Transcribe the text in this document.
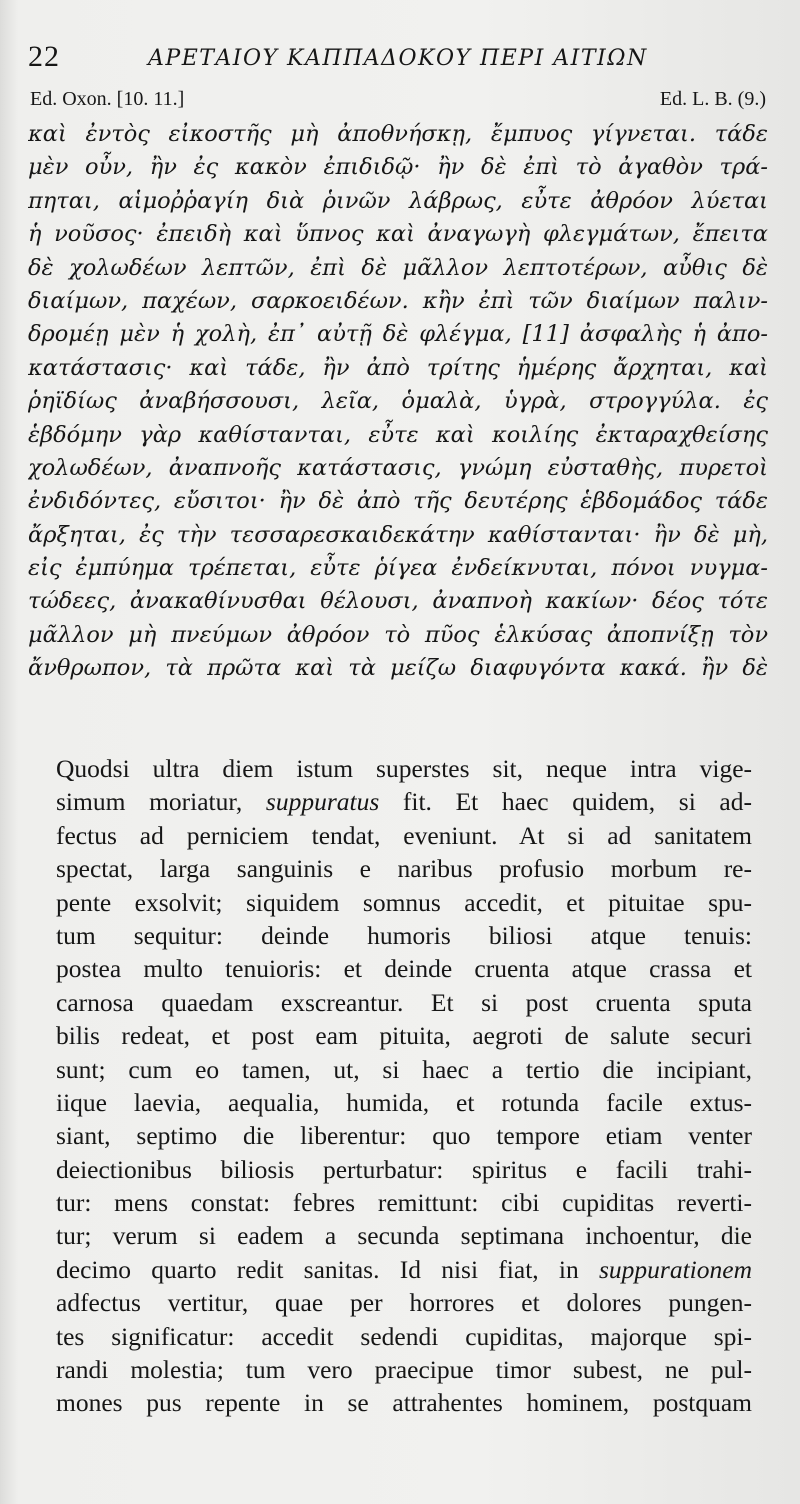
22	ΑΡΕΤΑΙΟΥ ΚΑΠΠΑΔΟΚΟΥ ΠΕΡΙ ΑΙΤΙΩΝ
Ed. Oxon. [10. 11.]	Ed. L. B. (9.)
καὶ ἐντὸς εἰκοστῆς μὴ ἀποθνήσκῃ, ἔμπυος γίγνεται. τάδε
μὲν οὖν, ἢν ἐς κακὸν ἐπιδιδῷ· ἢν δὲ ἐπὶ τὸ ἀγαθὸν τρά-
πηται, αἱμοῤῥαγίη διὰ ῥινῶν λάβρως, εὖτε ἀθρόον λύεται
ἡ νοῦσος· ἐπειδὴ καὶ ὕπνος καὶ ἀναγωγὴ φλεγμάτων, ἔπειτα
δὲ χολωδέων λεπτῶν, ἐπὶ δὲ μᾶλλον λεπτοτέρων, αὖθις δὲ
διαίμων, παχέων, σαρκοειδέων. κἢν ἐπὶ τῶν διαίμων παλιν-
δρομέῃ μὲν ἡ χολὴ, ἐπ᾽ αὐτῇ δὲ φλέγμα, [11] ἀσφαλὴς ἡ ἀπο-
κατάστασις· καὶ τάδε, ἢν ἀπὸ τρίτης ἡμέρης ἄρχηται, καὶ
ῥηϊδίως ἀναβήσσουσι, λεῖα, ὁμαλὰ, ὑγρὰ, στρογγύλα. ἐς
ἑβδόμην γὰρ καθίστανται, εὖτε καὶ κοιλίης ἐκταραχθείσης
χολωδέων, ἀναπνοῆς κατάστασις, γνώμη εὐσταθὴς, πυρετοὶ
ἐνδιδόντες, εὔσιτοι· ἢν δὲ ἀπὸ τῆς δευτέρης ἑβδομάδος τάδε
ἄρξηται, ἐς τὴν τεσσαρεσκαιδεκάτην καθίστανται· ἢν δὲ μὴ,
εἰς ἐμπύημα τρέπεται, εὖτε ῥίγεα ἐνδείκνυται, πόνοι νυγμα-
τώδεες, ἀνακαθίνυσθαι θέλουσι, ἀναπνοὴ κακίων· δέος τότε
μᾶλλον μὴ πνεύμων ἀθρόον τὸ πῦος ἑλκύσας ἀποπνίξῃ τὸν
ἄνθρωπον, τὰ πρῶτα καὶ τὰ μείζω διαφυγόντα κακά. ἢν δὲ
Quodsi ultra diem istum superstes sit, neque intra vige-
simum moriatur, suppuratus fit. Et haec quidem, si ad-
fectus ad perniciem tendat, eveniunt. At si ad sanitatem
spectat, larga sanguinis e naribus profusio morbum re-
pente exsolvit; siquidem somnus accedit, et pituitae spu-
tum sequitur: deinde humoris biliosi atque tenuis:
postea multo tenuioris: et deinde cruenta atque crassa et
carnosa quaedam exscreantur. Et si post cruenta sputa
bilis redeat, et post eam pituita, aegroti de salute securi
sunt; cum eo tamen, ut, si haec a tertio die incipiant,
iique laevia, aequalia, humida, et rotunda facile extus-
siant, septimo die liberentur: quo tempore etiam venter
deiectionibus biliosis perturbatur: spiritus e facili trahi-
tur: mens constat: febres remittunt: cibi cupiditas reverti-
tur; verum si eadem a secunda septimana inchoentur, die
decimo quarto redit sanitas. Id nisi fiat, in suppurationem
adfectus vertitur, quae per horrores et dolores pungen-
tes significatur: accedit sedendi cupiditas, majorque spi-
randi molestia; tum vero praecipue timor subest, ne pul-
mones pus repente in se attrahentes hominem, postquam
